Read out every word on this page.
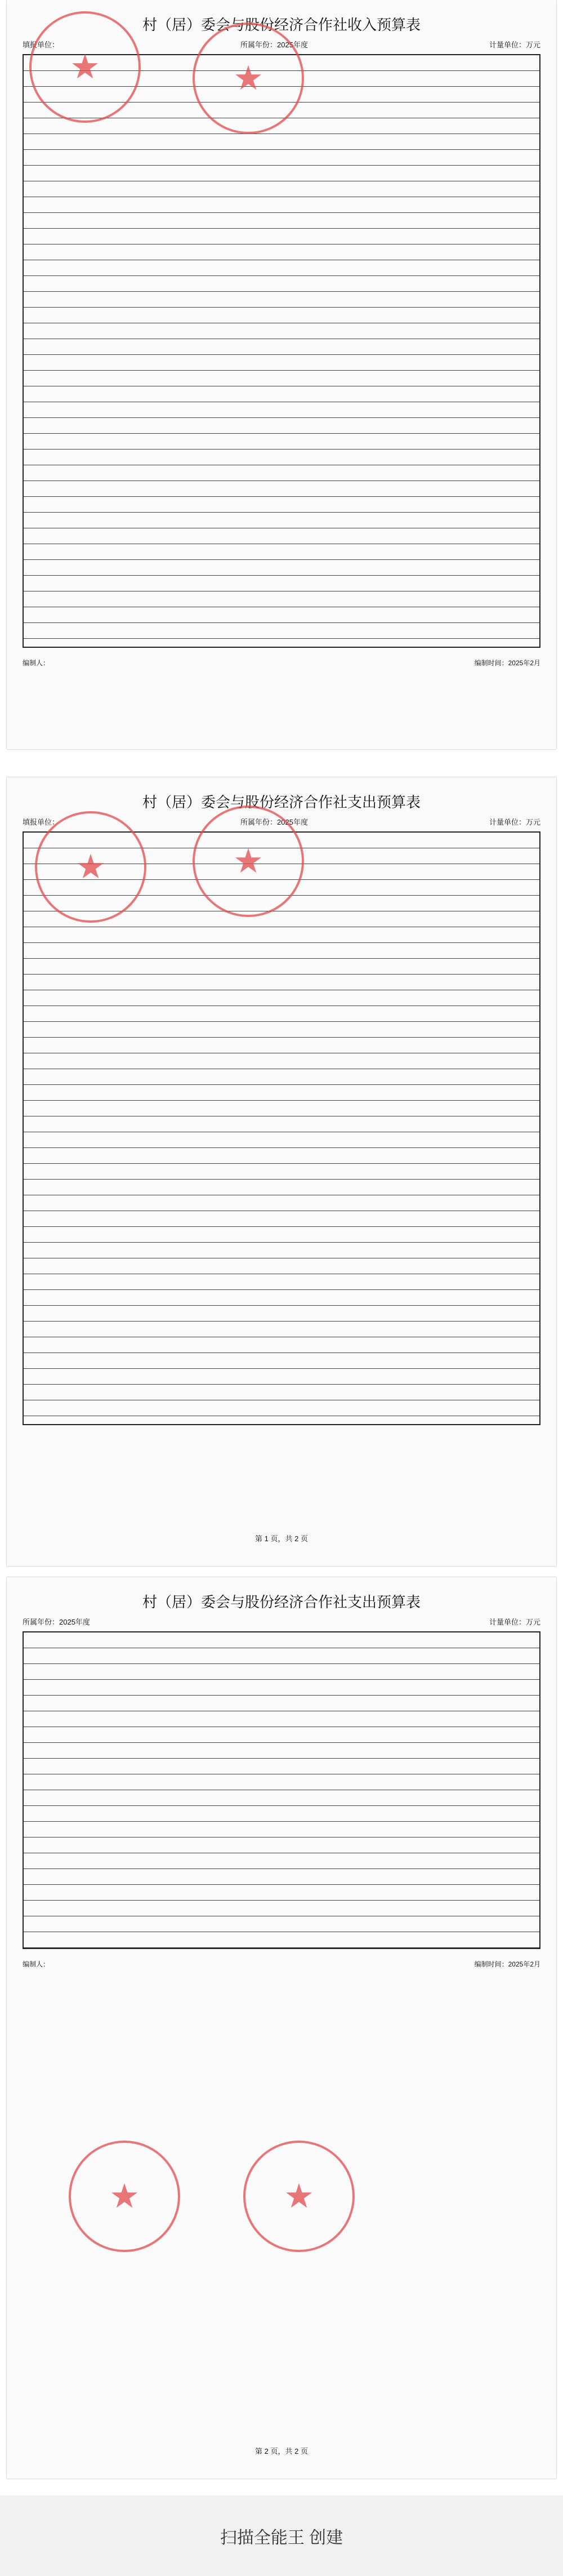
村（居）委会与股份经济合作社收入预算表
填报单位：	所属年份：2025年度	计量单位：万元
编制人：	编制时间：2025年2月
★	★
村（居）委会与股份经济合作社支出预算表
填报单位：	所属年份：2025年度	计量单位：万元
第 1 页，共 2 页
★	★
村（居）委会与股份经济合作社支出预算表
所属年份：2025年度	计量单位：万元
编制人：	编制时间：2025年2月
★	★
第 2 页，共 2 页
扫描全能王 创建
